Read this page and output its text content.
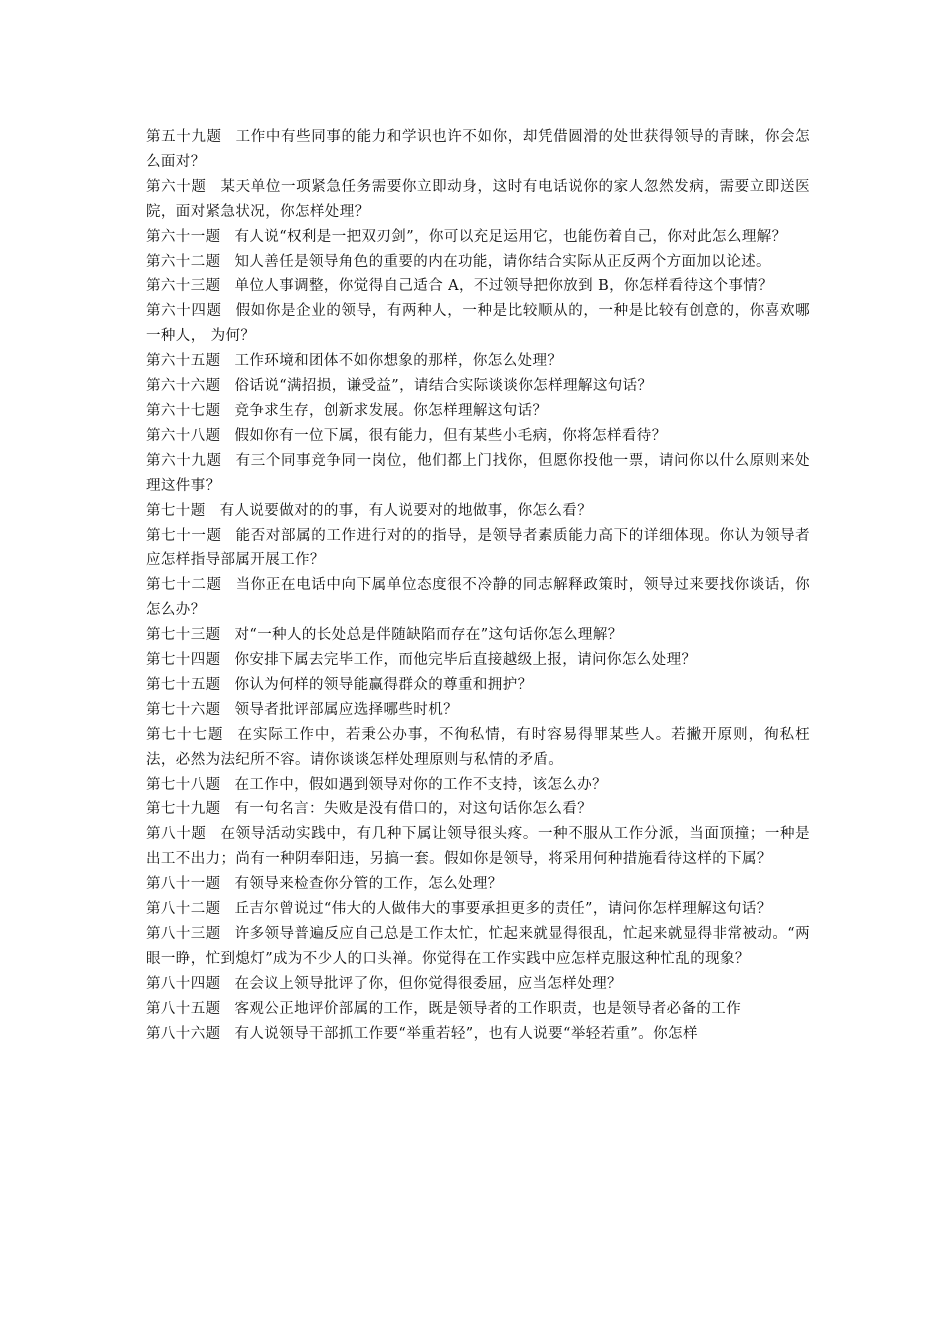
第五十九题 工作中有些同事的能力和学识也许不如你，却凭借圆滑的处世获得领导的青睐，你会怎么面对？

第六十题 某天单位一项紧急任务需要你立即动身，这时有电话说你的家人忽然发病，需要立即送医院，面对紧急状况，你怎样处理？

第六十一题 有人说“权利是一把双刃剑”，你可以充足运用它，也能伤着自己，你对此怎么理解？

第六十二题 知人善任是领导角色的重要的内在功能，请你结合实际从正反两个方面加以论述。

第六十三题 单位人事调整，你觉得自己适合 A，不过领导把你放到 B，你怎样看待这个事情？

第六十四题 假如你是企业的领导，有两种人，一种是比较顺从的，一种是比较有创意的，你喜欢哪一种人， 为何？

第六十五题 工作环境和团体不如你想象的那样，你怎么处理？

第六十六题 俗话说“满招损，谦受益”，请结合实际谈谈你怎样理解这句话？

第六十七题 竞争求生存，创新求发展。你怎样理解这句话？

第六十八题 假如你有一位下属，很有能力，但有某些小毛病，你将怎样看待？

第六十九题 有三个同事竞争同一岗位，他们都上门找你，但愿你投他一票，请问你以什么原则来处理这件事？

第七十题 有人说要做对的的事，有人说要对的地做事，你怎么看？

第七十一题 能否对部属的工作进行对的的指导，是领导者素质能力高下的详细体现。你认为领导者应怎样指导部属开展工作？

第七十二题 当你正在电话中向下属单位态度很不冷静的同志解释政策时，领导过来要找你谈话，你怎么办？

第七十三题 对“一种人的长处总是伴随缺陷而存在”这句话你怎么理解？

第七十四题 你安排下属去完毕工作，而他完毕后直接越级上报，请问你怎么处理？

第七十五题 你认为何样的领导能赢得群众的尊重和拥护？

第七十六题 领导者批评部属应选择哪些时机？

第七十七题 在实际工作中，若秉公办事，不徇私情，有时容易得罪某些人。若撇开原则，徇私枉法，必然为法纪所不容。请你谈谈怎样处理原则与私情的矛盾。

第七十八题 在工作中，假如遇到领导对你的工作不支持，该怎么办？

第七十九题 有一句名言：失败是没有借口的，对这句话你怎么看？

第八十题 在领导活动实践中，有几种下属让领导很头疼。一种不服从工作分派，当面顶撞；一种是出工不出力；尚有一种阴奉阳违，另搞一套。假如你是领导，将采用何种措施看待这样的下属？

第八十一题 有领导来检查你分管的工作，怎么处理？

第八十二题 丘吉尔曾说过“伟大的人做伟大的事要承担更多的责任”，请问你怎样理解这句话？

第八十三题 许多领导普遍反应自己总是工作太忙，忙起来就显得很乱，忙起来就显得非常被动。“两眼一睁，忙到熄灯”成为不少人的口头禅。你觉得在工作实践中应怎样克服这种忙乱的现象？

第八十四题 在会议上领导批评了你，但你觉得很委屈，应当怎样处理？

第八十五题 客观公正地评价部属的工作，既是领导者的工作职责，也是领导者必备的工作

第八十六题 有人说领导干部抓工作要“举重若轻”，也有人说要“举轻若重”。你怎样
